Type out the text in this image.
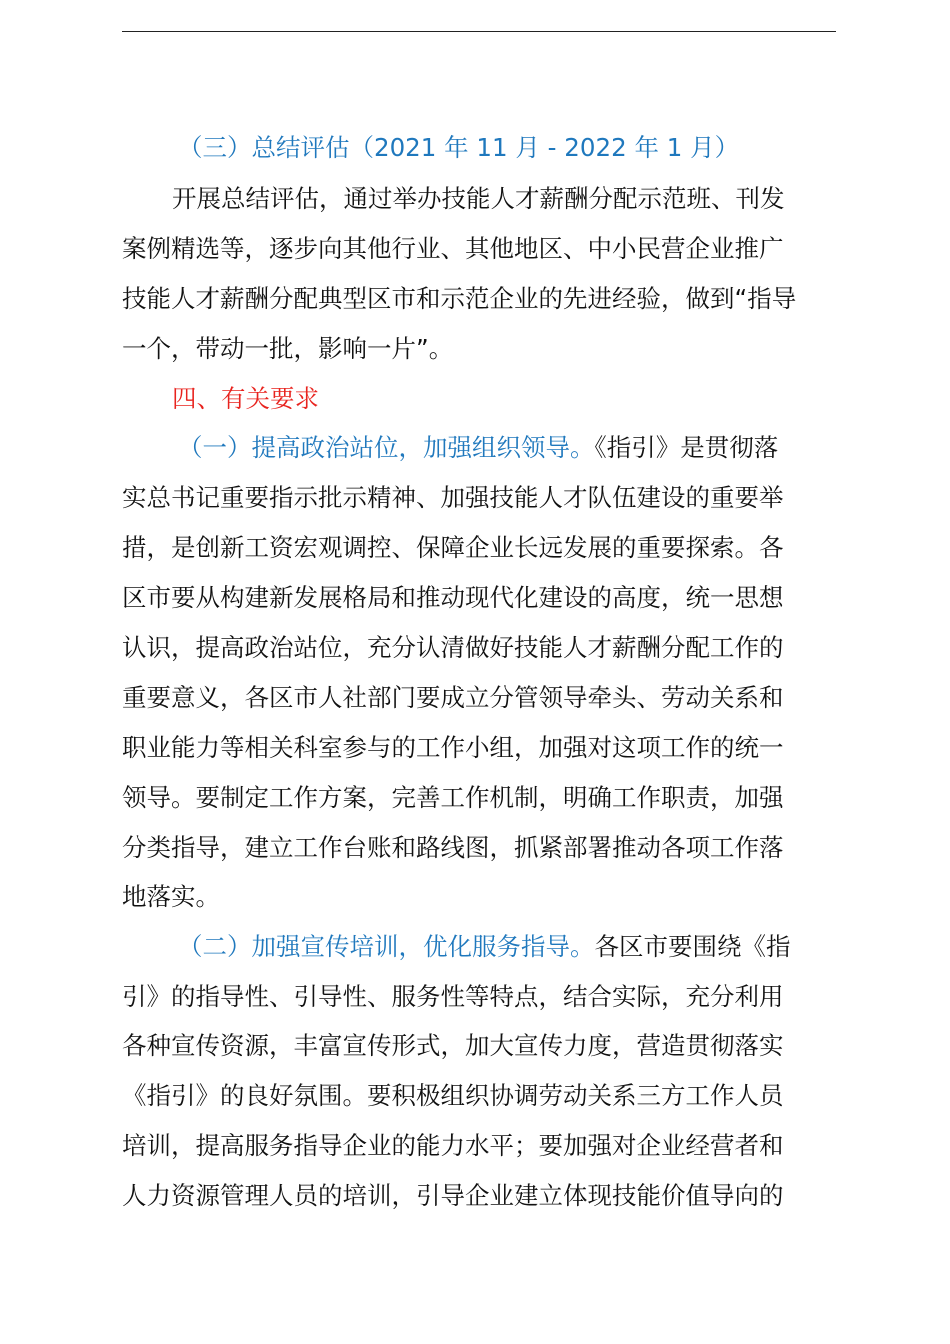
（三）总结评估（2021 年 11 月 - 2022 年 1 月）
开展总结评估，通过举办技能人才薪酬分配示范班、刊发
案例精选等，逐步向其他行业、其他地区、中小民营企业推广
技能人才薪酬分配典型区市和示范企业的先进经验，做到“指导
一个，带动一批，影响一片”。
四、有关要求
（一）提高政治站位，加强组织领导。《指引》是贯彻落
实总书记重要指示批示精神、加强技能人才队伍建设的重要举
措，是创新工资宏观调控、保障企业长远发展的重要探索。各
区市要从构建新发展格局和推动现代化建设的高度，统一思想
认识，提高政治站位，充分认清做好技能人才薪酬分配工作的
重要意义，各区市人社部门要成立分管领导牵头、劳动关系和
职业能力等相关科室参与的工作小组，加强对这项工作的统一
领导。要制定工作方案，完善工作机制，明确工作职责，加强
分类指导，建立工作台账和路线图，抓紧部署推动各项工作落
地落实。
（二）加强宣传培训，优化服务指导。各区市要围绕《指
引》的指导性、引导性、服务性等特点，结合实际，充分利用
各种宣传资源，丰富宣传形式，加大宣传力度，营造贯彻落实
《指引》的良好氛围。要积极组织协调劳动关系三方工作人员
培训，提高服务指导企业的能力水平；要加强对企业经营者和
人力资源管理人员的培训，引导企业建立体现技能价值导向的
